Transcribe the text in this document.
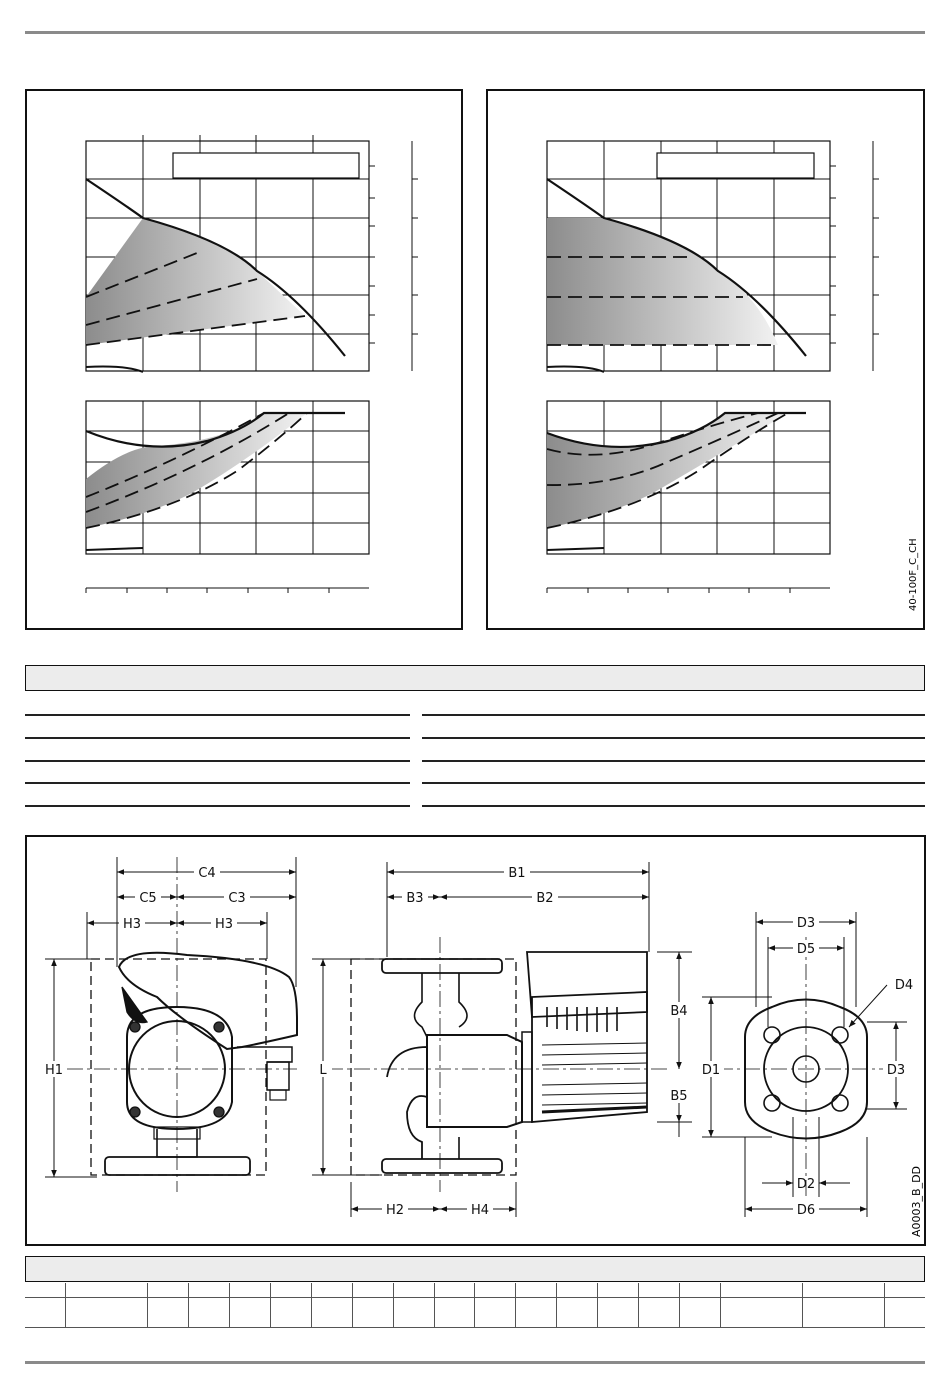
40-100F_C_CH
C4
C5	C3
H3	H3
H1
B1
B3	B2
L
B4
B5
H2	H4
D3
D5
D4
D1	D3
D2
D6	A0003_B_DD
